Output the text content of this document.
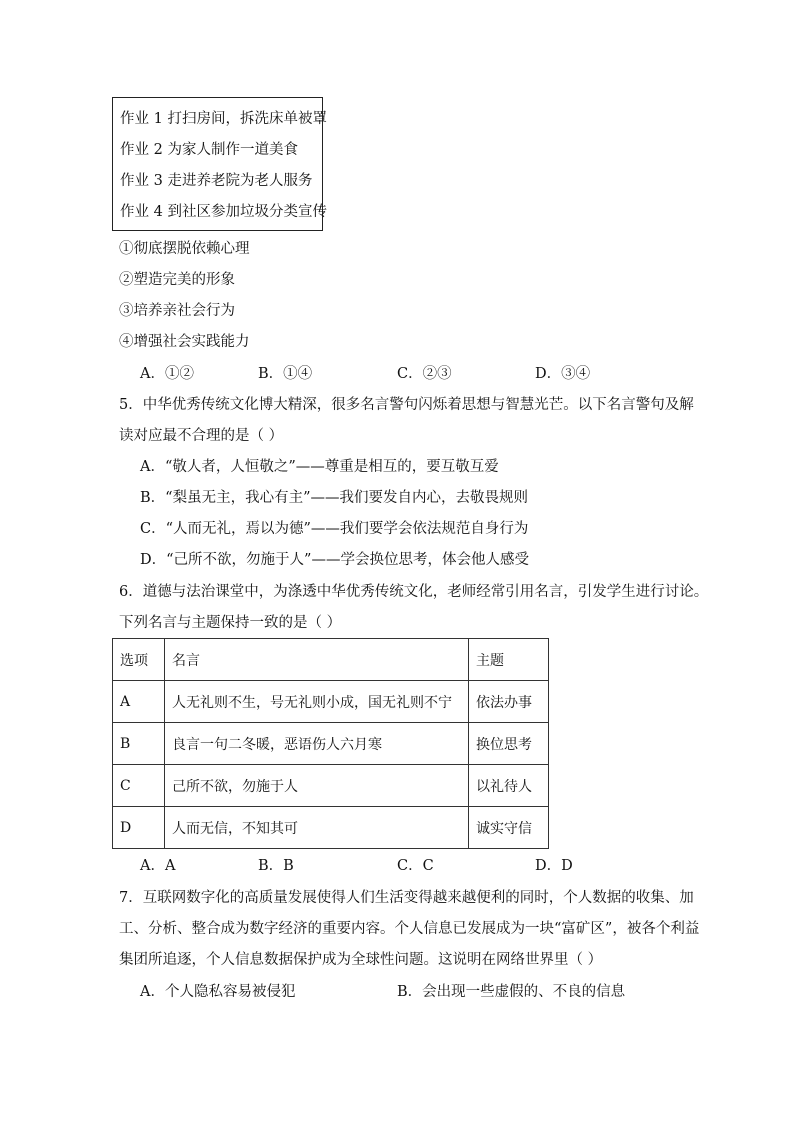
作业 1 打扫房间，拆洗床单被罩
作业 2 为家人制作一道美食
作业 3 走进养老院为老人服务
作业 4 到社区参加垃圾分类宣传
①彻底摆脱依赖心理
②塑造完美的形象
③培养亲社会行为
④增强社会实践能力
A．①②	B．①④	C．②③	D．③④
5．中华优秀传统文化博大精深，很多名言警句闪烁着思想与智慧光芒。以下名言警句及解
读对应最不合理的是（ ）
A．“敬人者，人恒敬之”——尊重是相互的，要互敬互爱
B．“梨虽无主，我心有主”——我们要发自内心，去敬畏规则
C．“人而无礼，焉以为德”——我们要学会依法规范自身行为
D．“己所不欲，勿施于人”——学会换位思考，体会他人感受
6．道德与法治课堂中，为涤透中华优秀传统文化，老师经常引用名言，引发学生进行讨论。
下列名言与主题保持一致的是（ ）
选项	名言	主题
A	人无礼则不生，号无礼则小成，国无礼则不宁	依法办事
B	良言一句二冬暖，恶语伤人六月寒	换位思考
C	己所不欲，勿施于人	以礼待人
D	人而无信，不知其可	诚实守信
A．A	B．B	C．C	D．D
7．互联网数字化的高质量发展使得人们生活变得越来越便利的同时，个人数据的收集、加
工、分析、整合成为数字经济的重要内容。个人信息已发展成为一块“富矿区”，被各个利益
集团所追逐，个人信息数据保护成为全球性问题。这说明在网络世界里（ ）
A．个人隐私容易被侵犯	B．会出现一些虚假的、不良的信息
